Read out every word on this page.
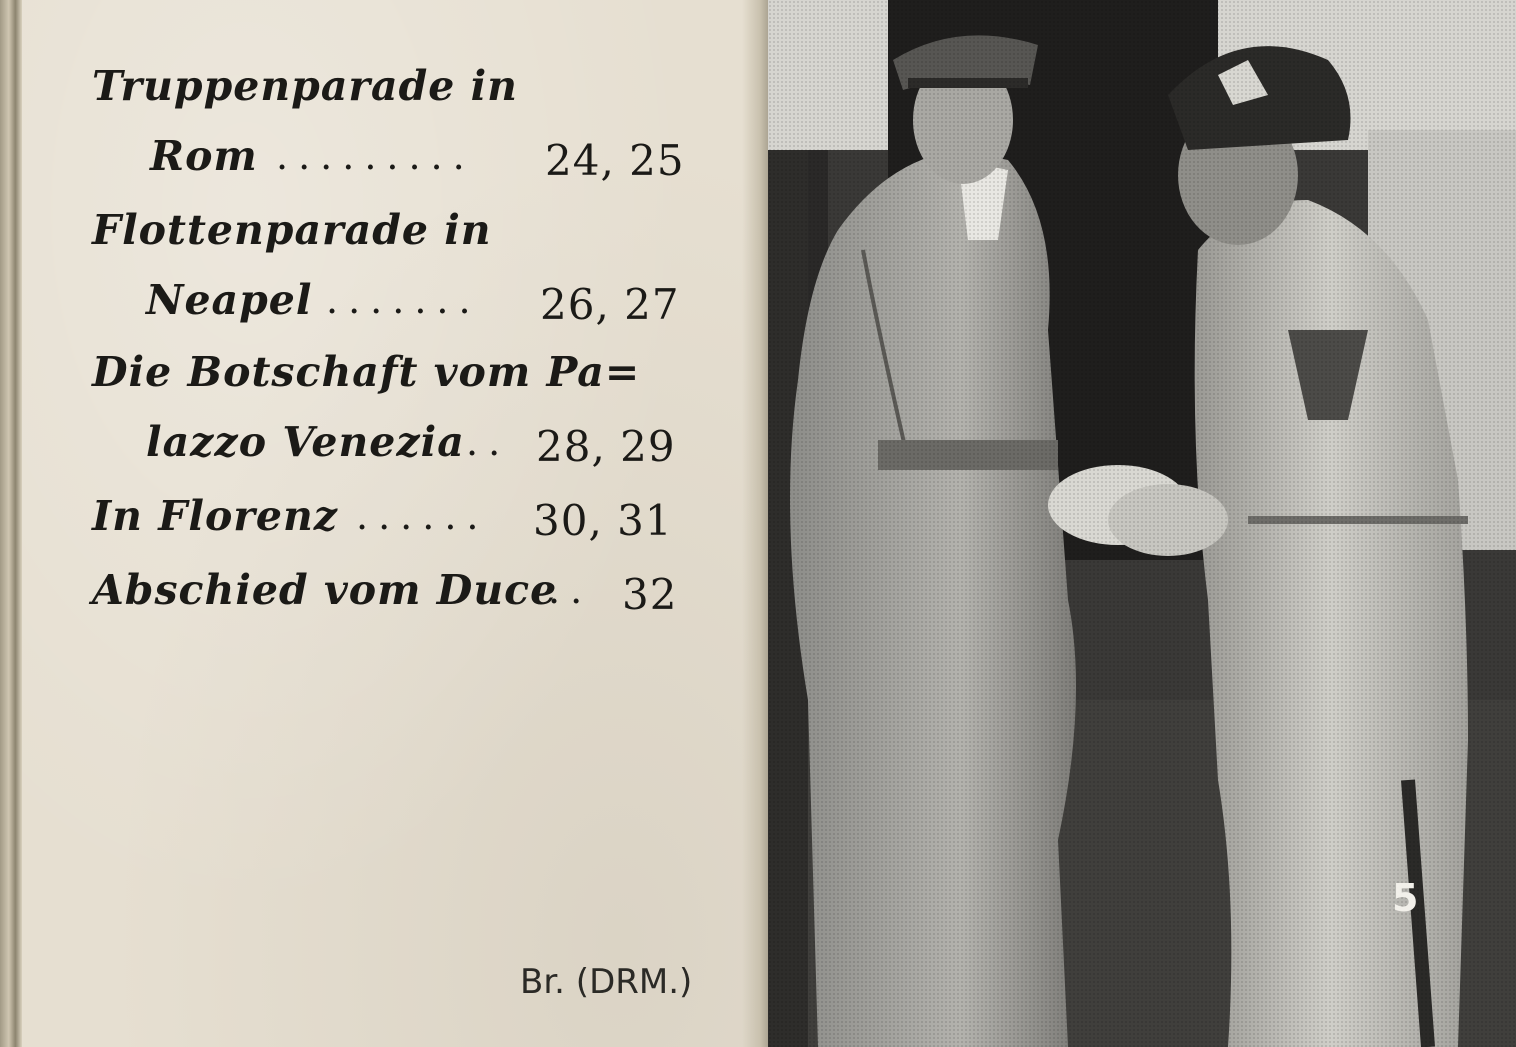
Truppenparade in
Rom ......... 24, 25
Flottenparade in
Neapel ....... 26, 27
Die Botschaft vom Pa=
lazzo Venezia .. 28, 29
In Florenz ...... 30, 31
Abschied vom Duce
.. 32
Br. (DRM.)
5
